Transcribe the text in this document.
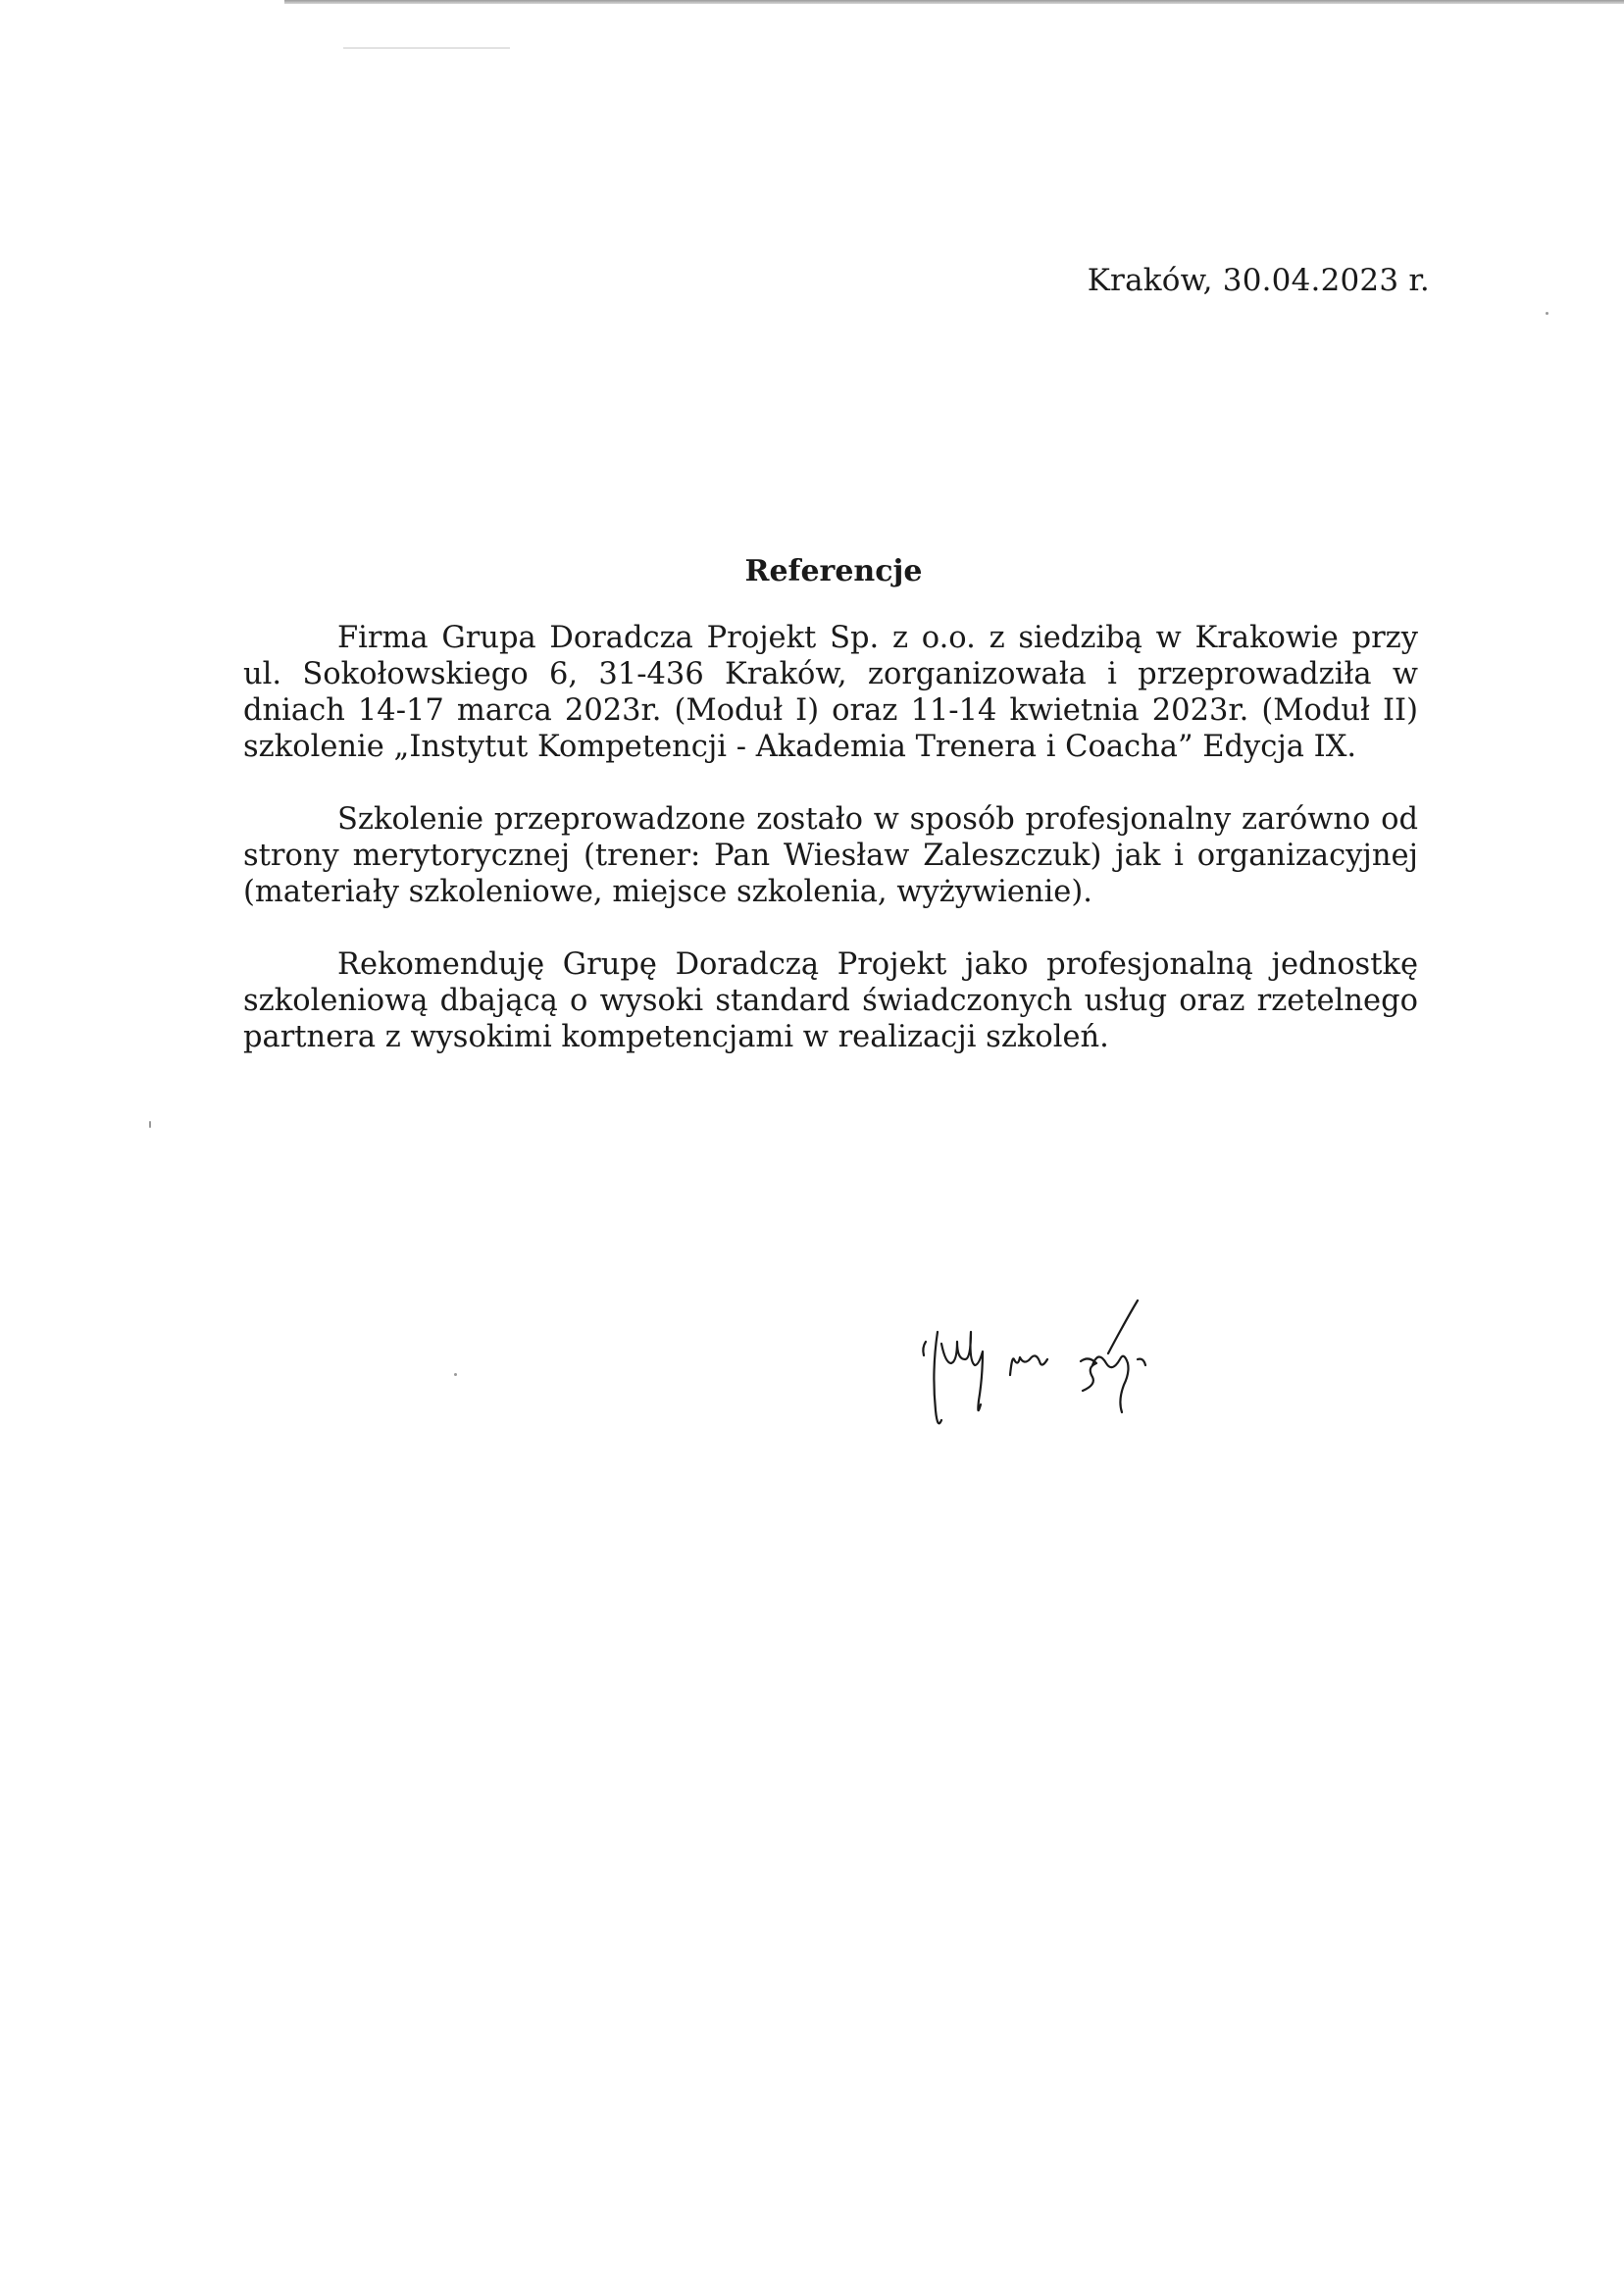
Kraków, 30.04.2023 r.
Referencje

Firma Grupa Doradcza Projekt Sp. z o.o. z siedzibą w Krakowie przy ul. Sokołowskiego 6, 31-436 Kraków, zorganizowała i przeprowadziła w dniach 14-17 marca 2023r. (Moduł I) oraz 11-14 kwietnia 2023r. (Moduł II) szkolenie „Instytut Kompetencji - Akademia Trenera i Coacha” Edycja IX.

Szkolenie przeprowadzone zostało w sposób profesjonalny zarówno od strony merytorycznej (trener: Pan Wiesław Zaleszczuk) jak i organizacyjnej (materiały szkoleniowe, miejsce szkolenia, wyżywienie).

Rekomenduję Grupę Doradczą Projekt jako profesjonalną jednostkę szkoleniową dbającą o wysoki standard świadczonych usług oraz rzetelnego partnera z wysokimi kompetencjami w realizacji szkoleń.
